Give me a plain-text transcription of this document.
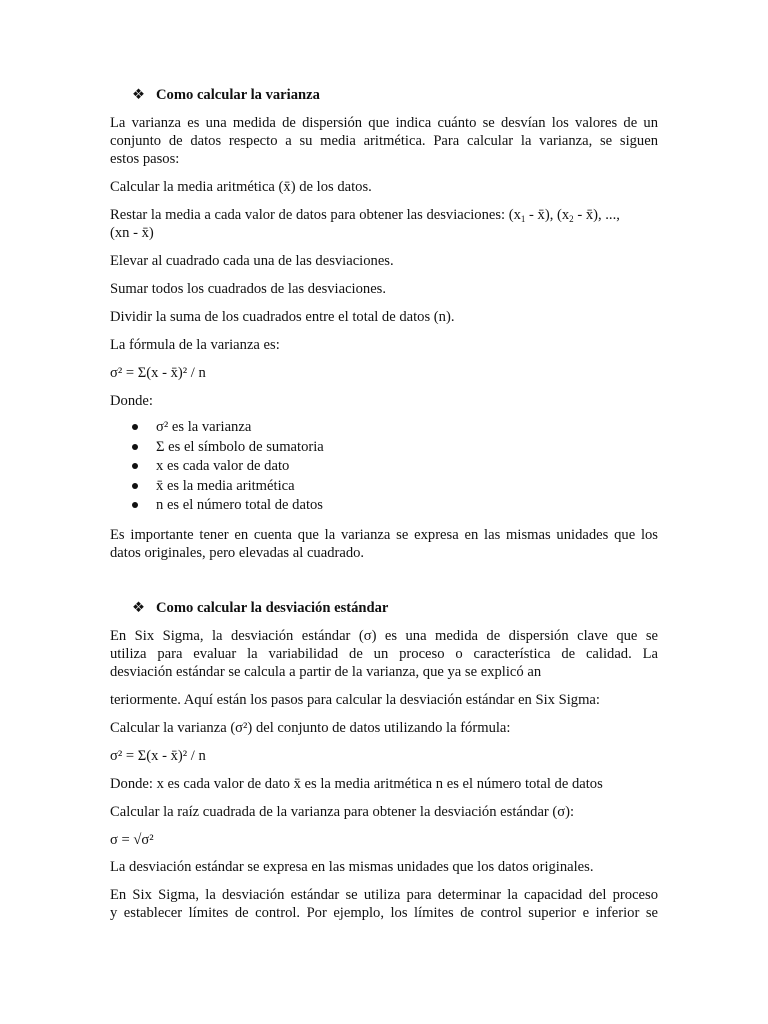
❖ Como calcular la varianza

La varianza es una medida de dispersión que indica cuánto se desvían los valores de un

conjunto de datos respecto a su media aritmética. Para calcular la varianza, se siguen

estos pasos:

Calcular la media aritmética (x̄) de los datos.

Restar la media a cada valor de datos para obtener las desviaciones: ($x_1$ - x̄), ($x_2$ - x̄), ...,

(xn - x̄)

Elevar al cuadrado cada una de las desviaciones.

Sumar todos los cuadrados de las desviaciones.

Dividir la suma de los cuadrados entre el total de datos (n).

La fórmula de la varianza es:

σ² = Σ(x - x̄)² / n

Donde:

σ² es la varianza
Σ es el símbolo de sumatoria
x es cada valor de dato
x̄ es la media aritmética
n es el número total de datos

Es importante tener en cuenta que la varianza se expresa en las mismas unidades que los

datos originales, pero elevadas al cuadrado.

❖ Como calcular la desviación estándar

En Six Sigma, la desviación estándar (σ) es una medida de dispersión clave que se

utiliza para evaluar la variabilidad de un proceso o característica de calidad. La

desviación estándar se calcula a partir de la varianza, que ya se explicó an

teriormente. Aquí están los pasos para calcular la desviación estándar en Six Sigma:

Calcular la varianza (σ²) del conjunto de datos utilizando la fórmula:

σ² = Σ(x - x̄)² / n

Donde: x es cada valor de dato x̄ es la media aritmética n es el número total de datos

Calcular la raíz cuadrada de la varianza para obtener la desviación estándar (σ):

σ = √σ²

La desviación estándar se expresa en las mismas unidades que los datos originales.

En Six Sigma, la desviación estándar se utiliza para determinar la capacidad del proceso

y establecer límites de control. Por ejemplo, los límites de control superior e inferior se
